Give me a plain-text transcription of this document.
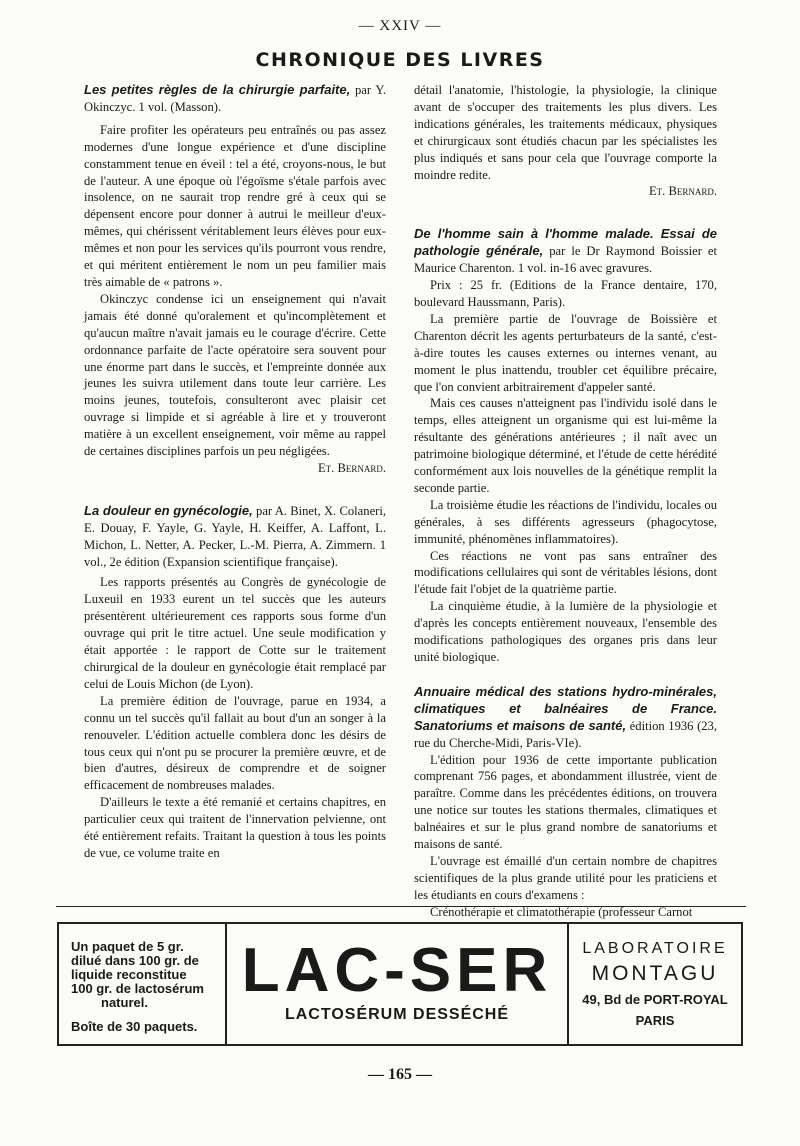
— XXIV —
CHRONIQUE DES LIVRES
Les petites règles de la chirurgie parfaite, par Y. Okinczyc. 1 vol. (Masson).

Faire profiter les opérateurs peu entraînés ou pas assez modernes d'une longue expérience et d'une discipline constamment tenue en éveil : tel a été, croyons-nous, le but de l'auteur. A une époque où l'égoïsme s'étale parfois avec insolence, on ne saurait trop rendre gré à ceux qui se dépensent encore pour donner à autrui le meilleur d'eux-mêmes, qui chérissent véritablement leurs élèves pour eux-mêmes et non pour les services qu'ils pourront vous rendre, et qui méritent entièrement le nom un peu familier mais très aimable de « patrons ».

Okinczyc condense ici un enseignement qui n'avait jamais été donné qu'oralement et qu'incomplètement et qu'aucun maître n'avait jamais eu le courage d'écrire. Cette ordonnance parfaite de l'acte opératoire sera souvent pour une énorme part dans le succès, et l'empreinte donnée aux jeunes les suivra utilement dans toute leur carrière. Les moins jeunes, toutefois, consulteront avec plaisir cet ouvrage si limpide et si agréable à lire et y trouveront matière à un excellent enseignement, voir même au rappel de certaines disciplines parfois un peu négligées.

Et. Bernard.

La douleur en gynécologie, par A. Binet, X. Colaneri, E. Douay, F. Yayle, G. Yayle, H. Keiffer, A. Laffont, L. Michon, L. Netter, A. Pecker, L.-M. Pierra, A. Zimmern. 1 vol., 2e édition (Expansion scientifique française).

Les rapports présentés au Congrès de gynécologie de Luxeuil en 1933 eurent un tel succès que les auteurs présentèrent ultérieurement ces rapports sous forme d'un ouvrage qui prit le titre actuel. Une seule modification y était apportée : le rapport de Cotte sur le traitement chirurgical de la douleur en gynécologie était remplacé par celui de Louis Michon (de Lyon).

La première édition de l'ouvrage, parue en 1934, a connu un tel succès qu'il fallait au bout d'un an songer à la renouveler. L'édition actuelle comblera donc les désirs de tous ceux qui n'ont pu se procurer la première œuvre, et de bien d'autres, désireux de comprendre et de soigner efficacement de nombreuses malades.

D'ailleurs le texte a été remanié et certains chapitres, en particulier ceux qui traitent de l'innervation pelvienne, ont été entièrement refaits. Traitant la question à tous les points de vue, ce volume traite en

détail l'anatomie, l'histologie, la physiologie, la clinique avant de s'occuper des traitements les plus divers. Les indications générales, les traitements médicaux, physiques et chirurgicaux sont étudiés chacun par les spécialistes les plus indiqués et sans pour cela que l'ouvrage comporte la moindre redite.

Et. Bernard.

De l'homme sain à l'homme malade. Essai de pathologie générale, par le Dr Raymond Boissier et Maurice Charenton. 1 vol. in-16 avec gravures.

Prix : 25 fr. (Editions de la France dentaire, 170, boulevard Haussmann, Paris).

La première partie de l'ouvrage de Boissière et Charenton décrit les agents perturbateurs de la santé, c'est-à-dire toutes les causes externes ou internes venant, au moment le plus inattendu, troubler cet équilibre précaire, que l'on convient arbitrairement d'appeler santé.

Mais ces causes n'atteignent pas l'individu isolé dans le temps, elles atteignent un organisme qui est lui-même la résultante des générations antérieures ; il naît avec un patrimoine biologique déterminé, et l'étude de cette hérédité conformément aux lois nouvelles de la génétique remplit la seconde partie.

La troisième étudie les réactions de l'individu, locales ou générales, à ses différents agresseurs (phagocytose, immunité, phénomènes inflammatoires).

Ces réactions ne vont pas sans entraîner des modifications cellulaires qui sont de véritables lésions, dont l'étude fait l'objet de la quatrième partie.

La cinquième étudie, à la lumière de la physiologie et d'après les concepts entièrement nouveaux, l'ensemble des modifications pathologiques des organes pris dans leur unité biologique.

Annuaire médical des stations hydro-minérales, climatiques et balnéaires de France. Sanatoriums et maisons de santé, édition 1936 (23, rue du Cherche-Midi, Paris-VIe).

L'édition pour 1936 de cette importante publication comprenant 756 pages, et abondamment illustrée, vient de paraître. Comme dans les précédentes éditions, on trouvera une notice sur toutes les stations thermales, climatiques et balnéaires et sur le plus grand nombre de sanatoriums et maisons de santé.

L'ouvrage est émaillé d'un certain nombre de chapitres scientifiques de la plus grande utilité pour les praticiens et les étudiants en cours d'examens :

Crénothérapie et climatothérapie (professeur Carnot

Un paquet de 5 gr.
dilué dans 100 gr. de
liquide reconstitue
100 gr. de lactosérum
naturel.
Boîte de 30 paquets.
LAC-SER
LACTOSÉRUM DESSÉCHÉ
LABORATOIRE
MONTAGU
49, Bd de PORT-ROYAL
PARIS
— 165 —
